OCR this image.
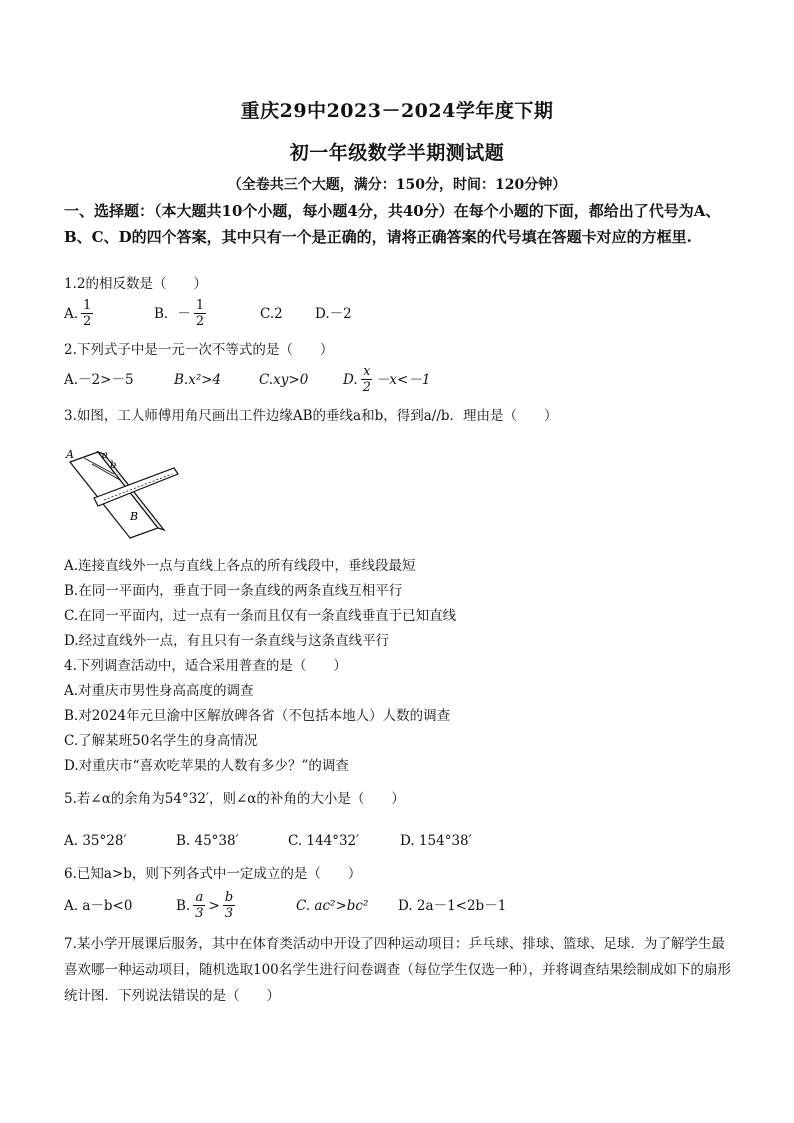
重庆29中2023－2024学年度下期
初一年级数学半期测试题
（全卷共三个大题，满分：150分，时间：120分钟）
一、选择题：（本大题共10个小题，每小题4分，共40分）在每个小题的下面，都给出了代号为A、B、C、D的四个答案，其中只有一个是正确的，请将正确答案的代号填在答题卡对应的方框里.
1.2的相反数是（　　）
A. $\frac{1}{2}$	B．－ $\frac{1}{2}$	C.2	D.－2
2.下列式子中是一元一次不等式的是（　　）
A.－2>－5	B.x²>4	C.xy>0	D. $\frac{x}{2} -x<-1$
3.如图，工人师傅用角尺画出工件边缘AB的垂线a和b，得到a//b．理由是（　　）
A	a
b
B
A.连接直线外一点与直线上各点的所有线段中，垂线段最短
B.在同一平面内，垂直于同一条直线的两条直线互相平行
C.在同一平面内，过一点有一条而且仅有一条直线垂直于已知直线
D.经过直线外一点，有且只有一条直线与这条直线平行
4.下列调查活动中，适合采用普查的是（　　）
A.对重庆市男性身高高度的调查
B.对2024年元旦渝中区解放碑各省（不包括本地人）人数的调查
C.了解某班50名学生的身高情况
D.对重庆市“喜欢吃苹果的人数有多少？”的调查
5.若∠α的余角为54°32′，则∠α的补角的大小是（　　）
A. 35°28′	B. 45°38′	C. 144°32′	D. 154°38′
6.已知a>b，则下列各式中一定成立的是（　　）
A. a－b<0	B. $\frac{a}{3} > \frac{b}{3}$	C. ac²>bc²	D. 2a－1<2b－1
7.某小学开展课后服务，其中在体育类活动中开设了四种运动项目：乒乓球、排球、篮球、足球．为了解学生最喜欢哪一种运动项目，随机选取100名学生进行问卷调查（每位学生仅选一种），并将调查结果绘制成如下的扇形统计图．下列说法错误的是（　　）
